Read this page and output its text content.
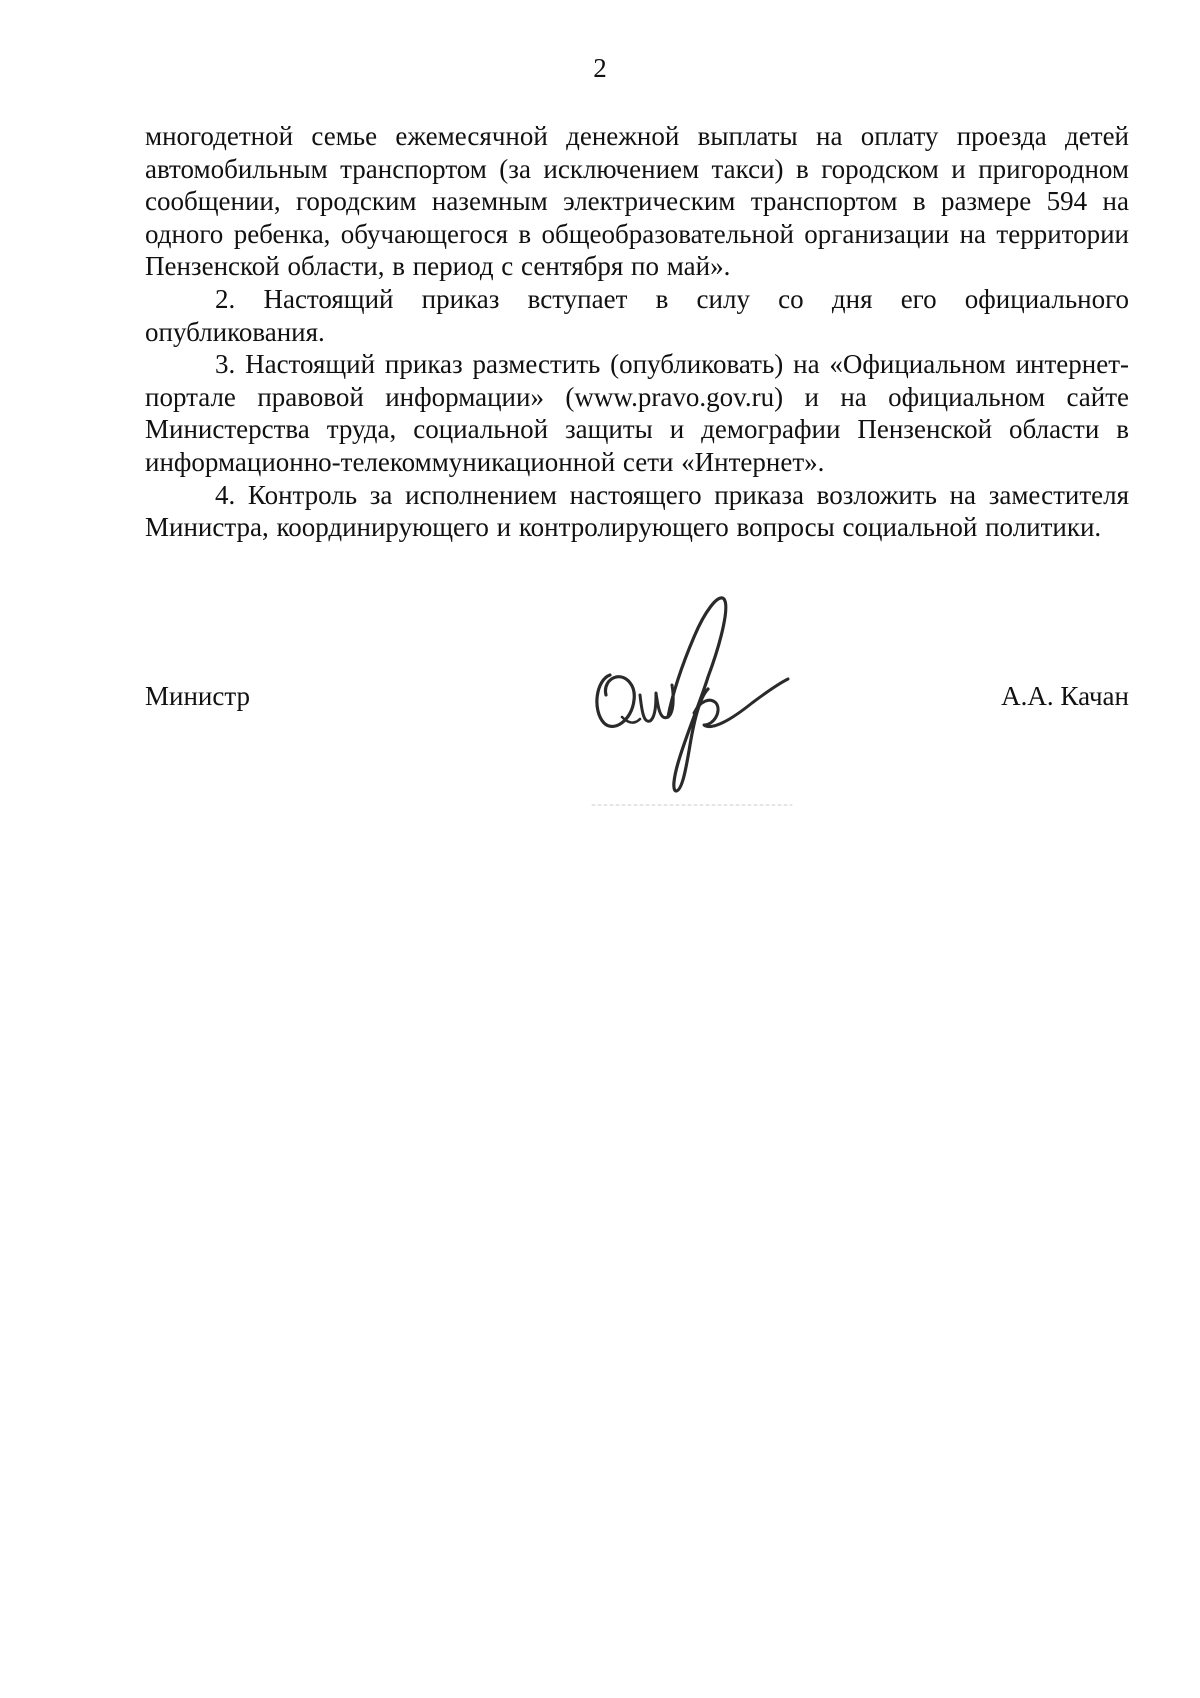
2

многодетной семье ежемесячной денежной выплаты на оплату проезда детей автомобильным транспортом (за исключением такси) в городском и пригородном сообщении, городским наземным электрическим транспортом в размере 594 на одного ребенка, обучающегося в общеобразовательной организации на территории Пензенской области, в период с сентября по май».

2. Настоящий приказ вступает в силу со дня его официального опубликования.

3. Настоящий приказ разместить (опубликовать) на «Официальном интернет-портале правовой информации» (www.pravo.gov.ru) и на официальном сайте Министерства труда, социальной защиты и демографии Пензенской области в информационно-телекоммуникационной сети «Интернет».

4. Контроль за исполнением настоящего приказа возложить на заместителя Министра, координирующего и контролирующего вопросы социальной политики.

Министр	А.А. Качан
